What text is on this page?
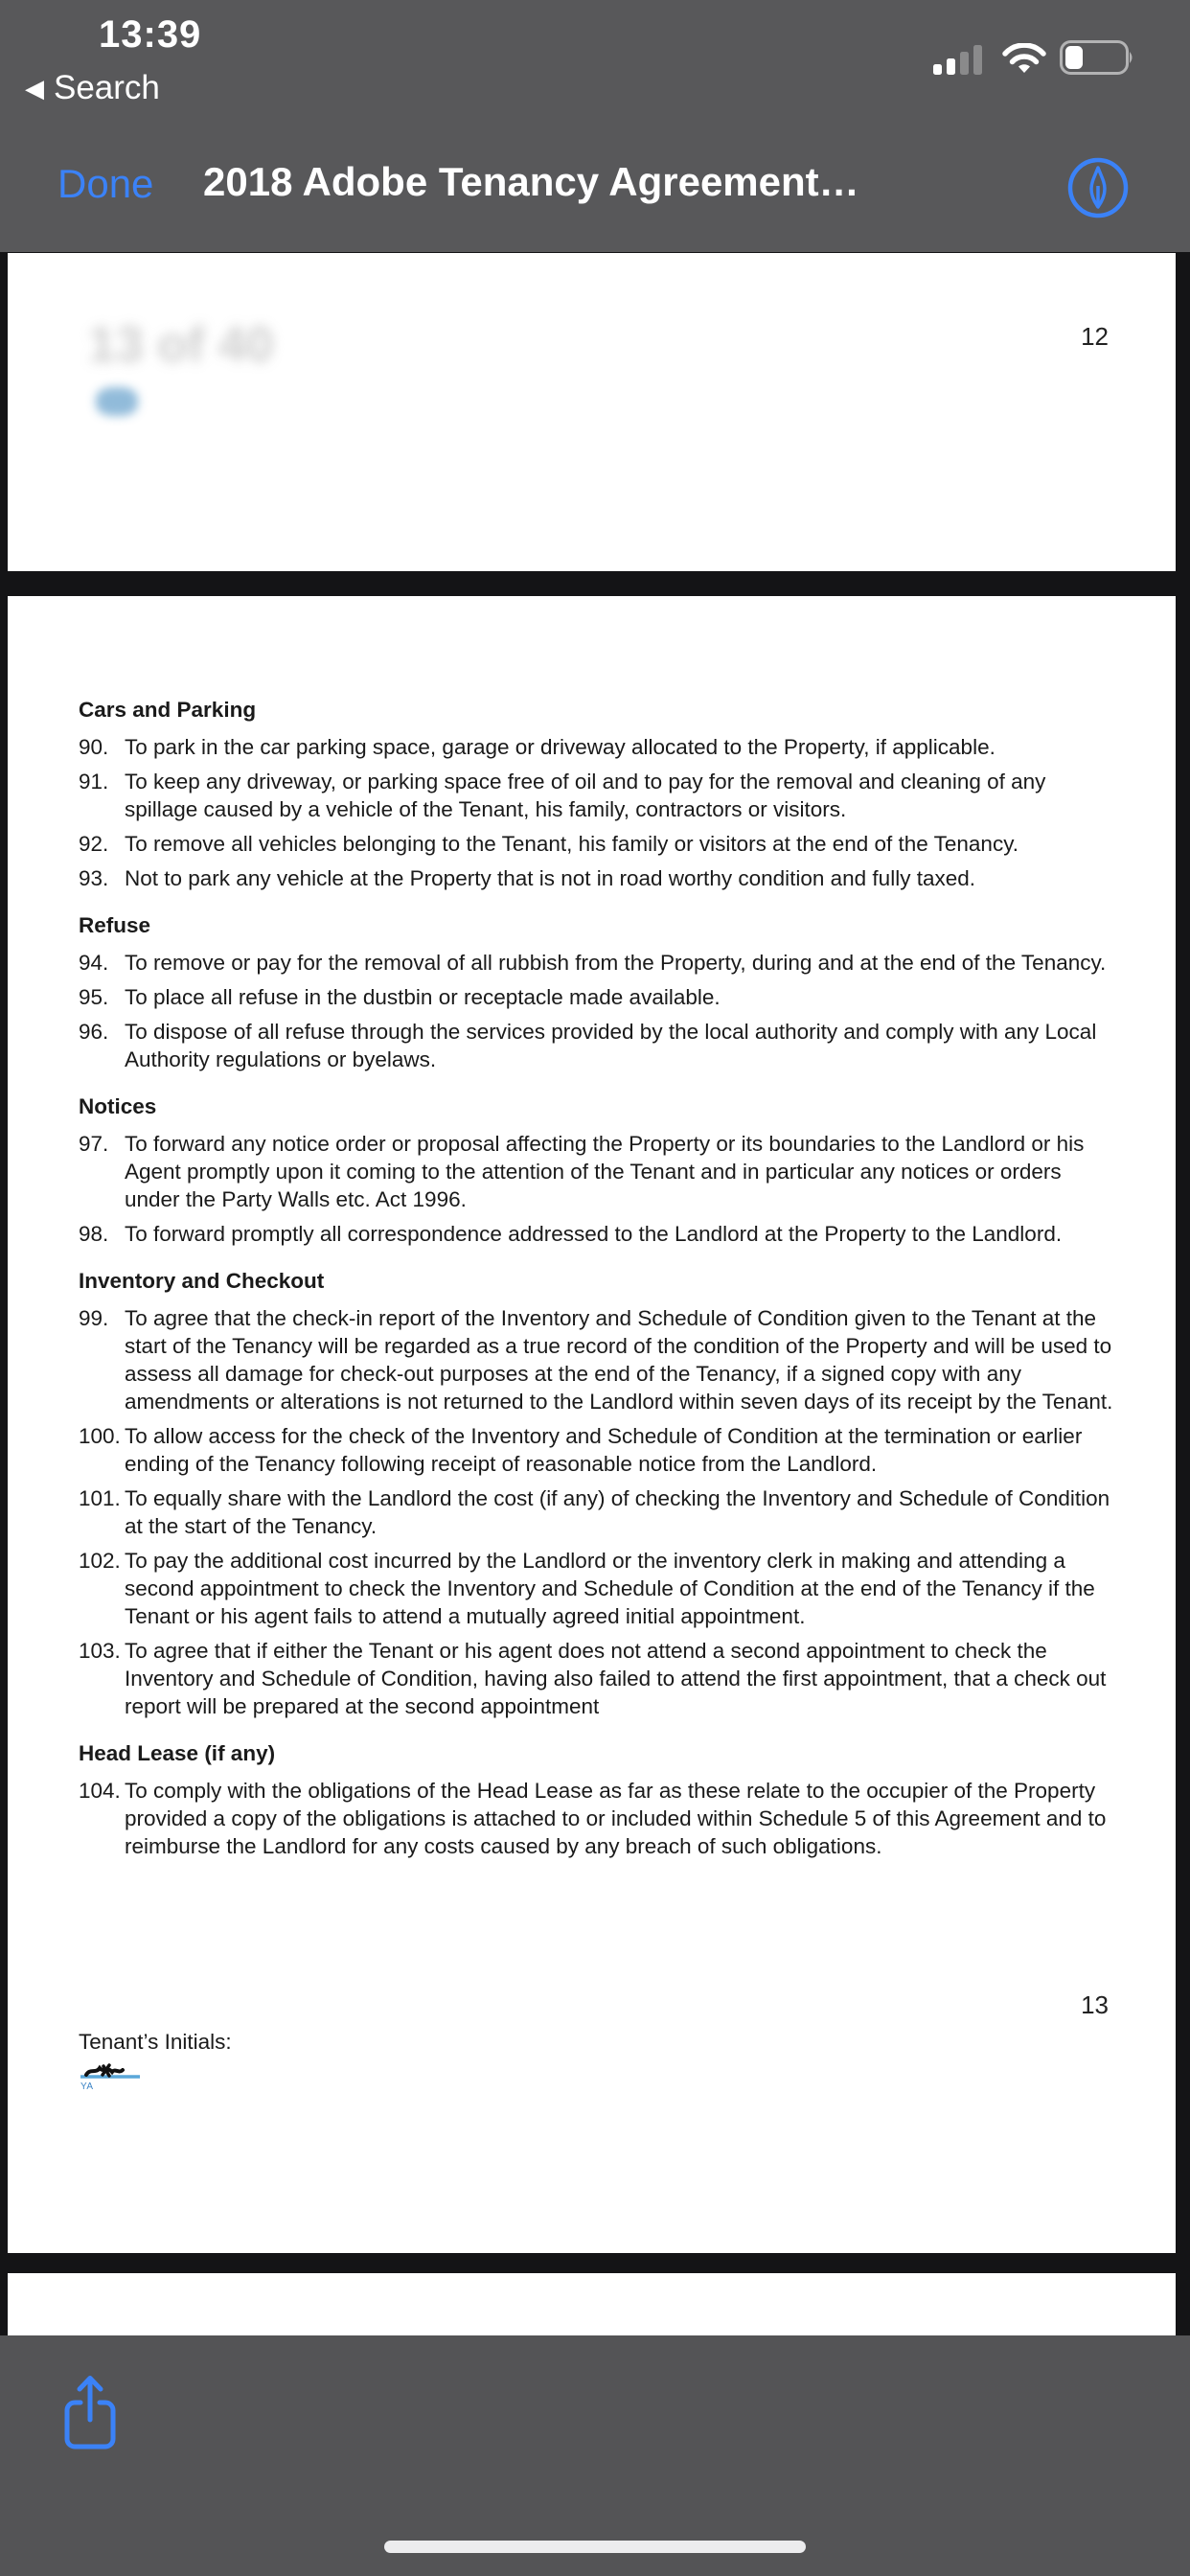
13:39
◀ Search
Done 2018 Adobe Tenancy Agreement…
13 of 40	12
Cars and Parking
90. To park in the car parking space, garage or driveway allocated to the Property, if applicable.
91. To keep any driveway, or parking space free of oil and to pay for the removal and cleaning of any spillage caused by a vehicle of the Tenant, his family, contractors or visitors.
92. To remove all vehicles belonging to the Tenant, his family or visitors at the end of the Tenancy.
93. Not to park any vehicle at the Property that is not in road worthy condition and fully taxed.
Refuse
94. To remove or pay for the removal of all rubbish from the Property, during and at the end of the Tenancy.
95. To place all refuse in the dustbin or receptacle made available.
96. To dispose of all refuse through the services provided by the local authority and comply with any Local Authority regulations or byelaws.
Notices
97. To forward any notice order or proposal affecting the Property or its boundaries to the Landlord or his Agent promptly upon it coming to the attention of the Tenant and in particular any notices or orders under the Party Walls etc. Act 1996.
98. To forward promptly all correspondence addressed to the Landlord at the Property to the Landlord.
Inventory and Checkout
99. To agree that the check-in report of the Inventory and Schedule of Condition given to the Tenant at the start of the Tenancy will be regarded as a true record of the condition of the Property and will be used to assess all damage for check-out purposes at the end of the Tenancy, if a signed copy with any amendments or alterations is not returned to the Landlord within seven days of its receipt by the Tenant.
100. To allow access for the check of the Inventory and Schedule of Condition at the termination or earlier ending of the Tenancy following receipt of reasonable notice from the Landlord.
101. To equally share with the Landlord the cost (if any) of checking the Inventory and Schedule of Condition at the start of the Tenancy.
102. To pay the additional cost incurred by the Landlord or the inventory clerk in making and attending a second appointment to check the Inventory and Schedule of Condition at the end of the Tenancy if the Tenant or his agent fails to attend a mutually agreed initial appointment.
103. To agree that if either the Tenant or his agent does not attend a second appointment to check the Inventory and Schedule of Condition, having also failed to attend the first appointment, that a check out report will be prepared at the second appointment
Head Lease (if any)
104. To comply with the obligations of the Head Lease as far as these relate to the occupier of the Property provided a copy of the obligations is attached to or included within Schedule 5 of this Agreement and to reimburse the Landlord for any costs caused by any breach of such obligations.
13
Tenant’s Initials:
YA
